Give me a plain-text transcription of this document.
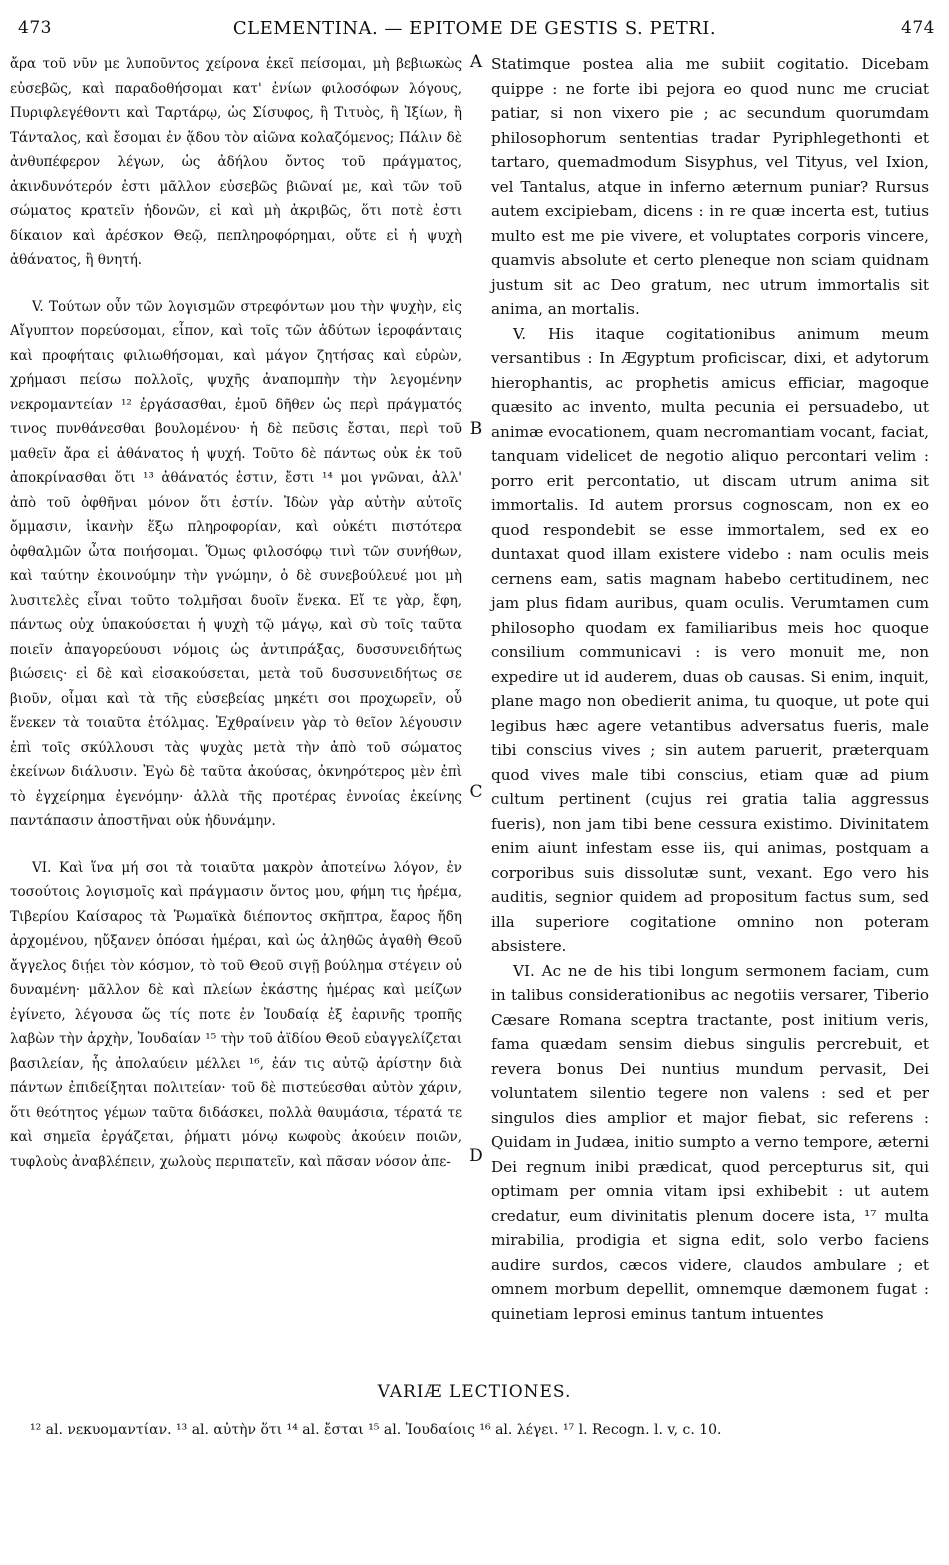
473	CLEMENTINA. — EPITOME DE GESTIS S. PETRI.	474

ἄρα τοῦ νῦν με λυποῦντος χείρονα ἐκεῖ πείσομαι, μὴ βεβιωκὼς εὐσεβῶς, καὶ παραδοθήσομαι κατ' ἐνίων φιλοσόφων λόγους, Πυριφλεγέθοντι καὶ Ταρτάρῳ, ὡς Σίσυφος, ἢ Τιτυὸς, ἢ Ἰξίων, ἢ Τάνταλος, καὶ ἔσομαι ἐν ᾅδου τὸν αἰῶνα κολαζόμενος; Πάλιν δὲ ἀνθυπέφερον λέγων, ὡς ἀδήλου ὄντος τοῦ πράγματος, ἀκινδυνότερόν ἐστι μᾶλλον εὐσεβῶς βιῶναί με, καὶ τῶν τοῦ σώματος κρατεῖν ἡδονῶν, εἰ καὶ μὴ ἀκριβῶς, ὅτι ποτὲ ἐστι δίκαιον καὶ ἀρέσκον Θεῷ, πεπληροφόρημαι, οὔτε εἰ ἡ ψυχὴ ἀθάνατος, ἢ θνητή.

V. Τούτων οὖν τῶν λογισμῶν στρεφόντων μου τὴν ψυχὴν, εἰς Αἴγυπτον πορεύσομαι, εἶπον, καὶ τοῖς τῶν ἀδύτων ἱεροφάνταις καὶ προφήταις φιλιωθήσομαι, καὶ μάγον ζητήσας καὶ εὑρὼν, χρήμασι πείσω πολλοῖς, ψυχῆς ἀναπομπὴν τὴν λεγομένην νεκρομαντείαν ¹² ἐργάσασθαι, ἐμοῦ δῆθεν ὡς περὶ πράγματός τινος πυνθάνεσθαι βουλομένου· ἡ δὲ πεῦσις ἔσται, περὶ τοῦ μαθεῖν ἄρα εἰ ἀθάνατος ἡ ψυχή. Τοῦτο δὲ πάντως οὐκ ἐκ τοῦ ἀποκρίνασθαι ὅτι ¹³ ἀθάνατός ἐστιν, ἔστι ¹⁴ μοι γνῶναι, ἀλλ' ἀπὸ τοῦ ὀφθῆναι μόνον ὅτι ἐστίν. Ἰδὼν γὰρ αὐτὴν αὐτοῖς ὄμμασιν, ἱκανὴν ἕξω πληροφορίαν, καὶ οὐκέτι πιστότερα ὀφθαλμῶν ὦτα ποιήσομαι. Ὅμως φιλοσόφῳ τινὶ τῶν συνήθων, καὶ ταύτην ἐκοινούμην τὴν γνώμην, ὁ δὲ συνεβούλευέ μοι μὴ λυσιτελὲς εἶναι τοῦτο τολμῆσαι δυοῖν ἕνεκα. Εἴ τε γὰρ, ἔφη, πάντως οὐχ ὑπακούσεται ἡ ψυχὴ τῷ μάγῳ, καὶ σὺ τοῖς ταῦτα ποιεῖν ἀπαγορεύουσι νόμοις ὡς ἀντιπράξας, δυσσυνειδήτως βιώσεις· εἰ δὲ καὶ εἰσακούσεται, μετὰ τοῦ δυσσυνειδήτως σε βιοῦν, οἶμαι καὶ τὰ τῆς εὐσεβείας μηκέτι σοι προχωρεῖν, οὗ ἕνεκεν τὰ τοιαῦτα ἐτόλμας. Ἐχθραίνειν γὰρ τὸ θεῖον λέγουσιν ἐπὶ τοῖς σκύλλουσι τὰς ψυχὰς μετὰ τὴν ἀπὸ τοῦ σώματος ἐκείνων διάλυσιν. Ἐγὼ δὲ ταῦτα ἀκούσας, ὀκνηρότερος μὲν ἐπὶ τὸ ἐγχείρημα ἐγενόμην· ἀλλὰ τῆς προτέρας ἐννοίας ἐκείνης παντάπασιν ἀποστῆναι οὐκ ἠδυνάμην.

VI. Καὶ ἵνα μή σοι τὰ τοιαῦτα μακρὸν ἀποτείνω λόγον, ἐν τοσούτοις λογισμοῖς καὶ πράγμασιν ὄντος μου, φήμη τις ἠρέμα, Τιβερίου Καίσαρος τὰ Ῥωμαϊκὰ διέποντος σκῆπτρα, ἔαρος ἤδη ἀρχομένου, ηὔξανεν ὁπόσαι ἡμέραι, καὶ ὡς ἀληθῶς ἀγαθὴ Θεοῦ ἄγγελος διῄει τὸν κόσμον, τὸ τοῦ Θεοῦ σιγῇ βούλημα στέγειν οὐ δυναμένη· μᾶλλον δὲ καὶ πλείων ἑκάστης ἡμέρας καὶ μείζων ἐγίνετο, λέγουσα ὥς τίς ποτε ἐν Ἰουδαίᾳ ἐξ ἐαρινῆς τροπῆς λαβὼν τὴν ἀρχὴν, Ἰουδαίαν ¹⁵ τὴν τοῦ ἀϊδίου Θεοῦ εὐαγγελίζεται βασιλείαν, ἧς ἀπολαύειν μέλλει ¹⁶, ἐάν τις αὐτῷ ἀρίστην διὰ πάντων ἐπιδείξηται πολιτείαν· τοῦ δὲ πιστεύεσθαι αὐτὸν χάριν, ὅτι θεότητος γέμων ταῦτα διδάσκει, πολλὰ θαυμάσια, τέρατά τε καὶ σημεῖα ἐργάζεται, ῥήματι μόνῳ κωφοὺς ἀκούειν ποιῶν, τυφλοὺς ἀναβλέπειν, χωλοὺς περιπατεῖν, καὶ πᾶσαν νόσον ἀπε-

A
B
C
D

Statimque postea alia me subiit cogitatio. Dicebam quippe : ne forte ibi pejora eo quod nunc me cruciat patiar, si non vixero pie ; ac secundum quorumdam philosophorum sententias tradar Pyriphlegethonti et tartaro, quemadmodum Sisyphus, vel Tityus, vel Ixion, vel Tantalus, atque in inferno æternum puniar? Rursus autem excipiebam, dicens : in re quæ incerta est, tutius multo est me pie vivere, et voluptates corporis vincere, quamvis absolute et certo pleneque non sciam quidnam justum sit ac Deo gratum, nec utrum immortalis sit anima, an mortalis.

V. His itaque cogitationibus animum meum versantibus : In Ægyptum proficiscar, dixi, et adytorum hierophantis, ac prophetis amicus efficiar, magoque quæsito ac invento, multa pecunia ei persuadebo, ut animæ evocationem, quam necromantiam vocant, faciat, tanquam videlicet de negotio aliquo percontari velim : porro erit percontatio, ut discam utrum anima sit immortalis. Id autem prorsus cognoscam, non ex eo quod respondebit se esse immortalem, sed ex eo duntaxat quod illam existere videbo : nam oculis meis cernens eam, satis magnam habebo certitudinem, nec jam plus fidam auribus, quam oculis. Verumtamen cum philosopho quodam ex familiaribus meis hoc quoque consilium communicavi : is vero monuit me, non expedire ut id auderem, duas ob causas. Si enim, inquit, plane mago non obedierit anima, tu quoque, ut pote qui legibus hæc agere vetantibus adversatus fueris, male tibi conscius vives ; sin autem paruerit, præterquam quod vives male tibi conscius, etiam quæ ad pium cultum pertinent (cujus rei gratia talia aggressus fueris), non jam tibi bene cessura existimo. Divinitatem enim aiunt infestam esse iis, qui animas, postquam a corporibus suis dissolutæ sunt, vexant. Ego vero his auditis, segnior quidem ad propositum factus sum, sed illa superiore cogitatione omnino non poteram absistere.

VI. Ac ne de his tibi longum sermonem faciam, cum in talibus considerationibus ac negotiis versarer, Tiberio Cæsare Romana sceptra tractante, post initium veris, fama quædam sensim diebus singulis percrebuit, et revera bonus Dei nuntius mundum pervasit, Dei voluntatem silentio tegere non valens : sed et per singulos dies amplior et major fiebat, sic referens : Quidam in Judæa, initio sumpto a verno tempore, æterni Dei regnum inibi prædicat, quod percepturus sit, qui optimam per omnia vitam ipsi exhibebit : ut autem credatur, eum divinitatis plenum docere ista, ¹⁷ multa mirabilia, prodigia et signa edit, solo verbo faciens audire surdos, cæcos videre, claudos ambulare ; et omnem morbum depellit, omnemque dæmonem fugat : quinetiam leprosi eminus tantum intuentes

VARIÆ LECTIONES.
¹² al. νεκυομαντίαν. ¹³ al. αὐτὴν ὅτι ¹⁴ al. ἔσται ¹⁵ al. Ἰουδαίοις ¹⁶ al. λέγει. ¹⁷ l. Recogn. l. v, c. 10.
